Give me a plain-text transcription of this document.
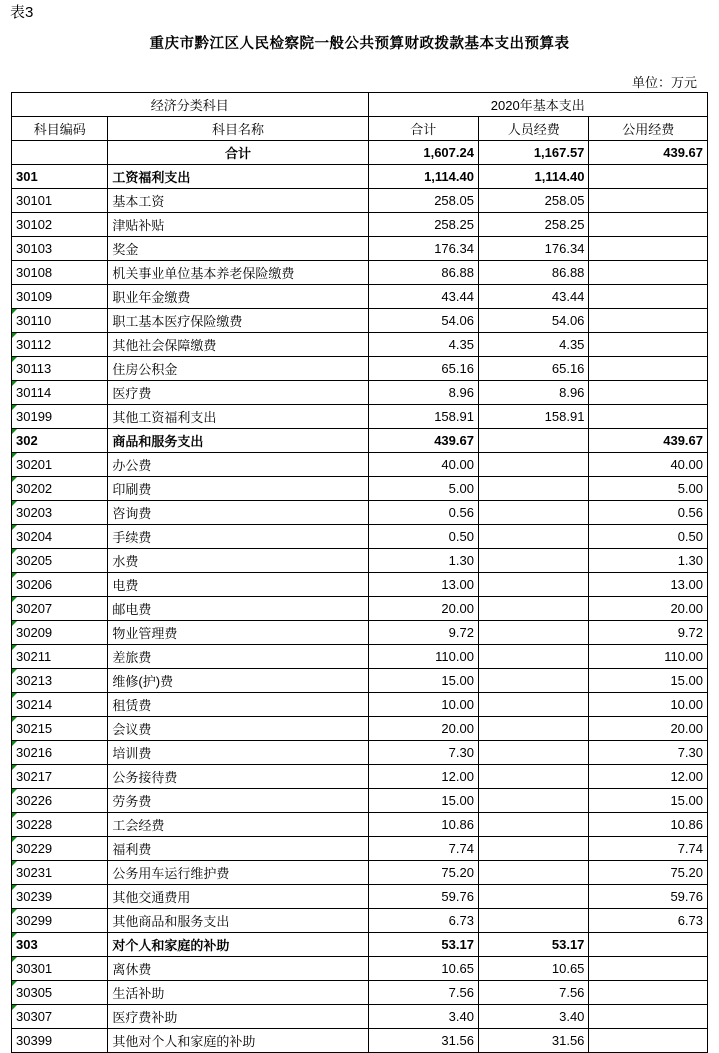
表3
重庆市黔江区人民检察院一般公共预算财政拨款基本支出预算表
单位：万元
经济分类科目		2020年基本支出		
科目编码	科目名称	合计	人员经费	公用经费
	合计	1,607.24	1,167.57	439.67
301	工资福利支出	1,114.40	1,114.40	
30101	基本工资	258.05	258.05	
30102	津贴补贴	258.25	258.25	
30103	奖金	176.34	176.34	
30108	机关事业单位基本养老保险缴费	86.88	86.88	
30109	职业年金缴费	43.44	43.44	
30110	职工基本医疗保险缴费	54.06	54.06	
30112	其他社会保障缴费	4.35	4.35	
30113	住房公积金	65.16	65.16	
30114	医疗费	8.96	8.96	
30199	其他工资福利支出	158.91	158.91	
302	商品和服务支出	439.67		439.67
30201	办公费	40.00		40.00
30202	印刷费	5.00		5.00
30203	咨询费	0.56		0.56
30204	手续费	0.50		0.50
30205	水费	1.30		1.30
30206	电费	13.00		13.00
30207	邮电费	20.00		20.00
30209	物业管理费	9.72		9.72
30211	差旅费	110.00		110.00
30213	维修(护)费	15.00		15.00
30214	租赁费	10.00		10.00
30215	会议费	20.00		20.00
30216	培训费	7.30		7.30
30217	公务接待费	12.00		12.00
30226	劳务费	15.00		15.00
30228	工会经费	10.86		10.86
30229	福利费	7.74		7.74
30231	公务用车运行维护费	75.20		75.20
30239	其他交通费用	59.76		59.76
30299	其他商品和服务支出	6.73		6.73
303	对个人和家庭的补助	53.17	53.17	
30301	离休费	10.65	10.65	
30305	生活补助	7.56	7.56	
30307	医疗费补助	3.40	3.40	
30399	其他对个人和家庭的补助	31.56	31.56	
